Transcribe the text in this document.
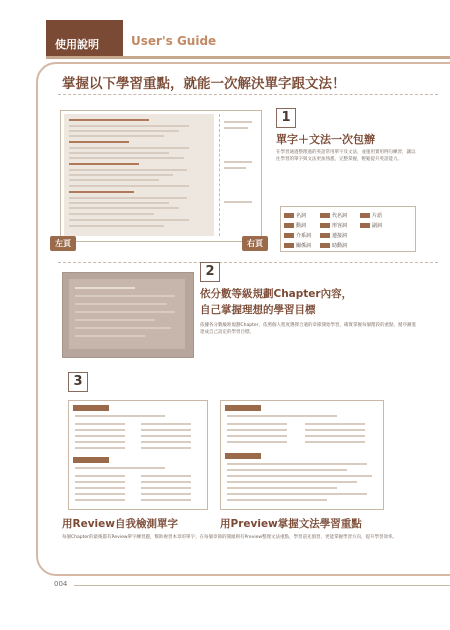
使用說明	User's Guide
掌握以下學習重點，就能一次解決單字跟文法！
左頁	右頁
1
單字＋文法一次包辦
在學習通過整理過的英語常用單字及文法，並運用實用例句練習，讓以往學習的單字與文法更加熟悉，完整掌握，輕鬆提升英語能力。
名詞	代名詞	片語
動詞	形容詞	副詞
介系詞	連接詞
關係詞	助動詞
2
依分數等級規劃Chapter內容，
自己掌握理想的學習目標
依據各分數級距規劃Chapter，依照個人程度選擇合適的章節開始學習，確實掌握每個階段的重點，循序漸進達成自己設定的學習目標。
3
用Review自我檢測單字	用Preview掌握文法學習重點
每個Chapter的最後都有Review單字練習題，幫助複習本章的單字；在每個章節的開頭則有Preview整理文法重點，學習前先預習，更能掌握學習方向，提升學習效率。
004
